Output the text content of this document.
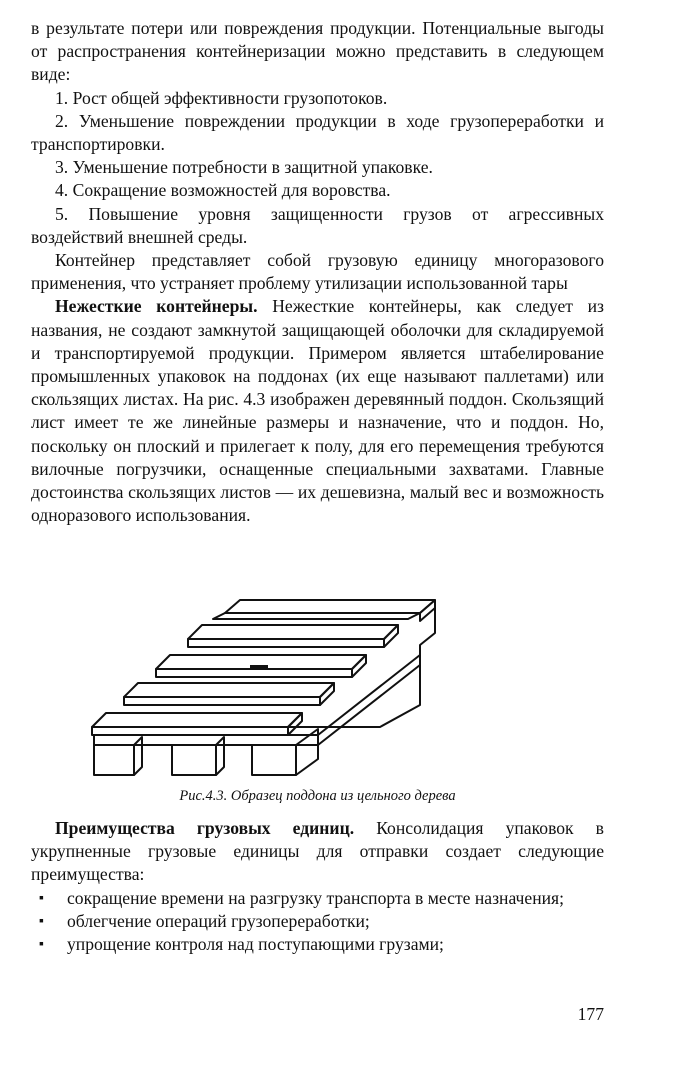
в результате потери или повреждения продукции. Потенциальные выгоды от распространения контейнеризации можно представить в следующем виде:

1. Рост общей эффективности грузопотоков.

2. Уменьшение повреждении продукции в ходе грузопереработки и транспортировки.

3. Уменьшение потребности в защитной упаковке.

4. Сокращение возможностей для воровства.

5. Повышение уровня защищенности грузов от агрессивных воздействий внешней среды.

Контейнер представляет собой грузовую единицу многоразового применения, что устраняет проблему утилизации использованной тары

Нежесткие контейнеры. Нежесткие контейнеры, как следует из названия, не создают замкнутой защищающей оболочки для складируемой и транспортируемой продукции. Примером является штабелирование промышленных упаковок на поддонах (их еще называют паллетами) или скользящих листах. На рис. 4.3 изображен деревянный поддон. Скользящий лист имеет те же линейные размеры и назначение, что и поддон. Но, поскольку он плоский и прилегает к полу, для его перемещения требуются вилочные погрузчики, оснащенные специальными захватами. Главные достоинства скользящих листов — их дешевизна, малый вес и возможность одноразового использования.

Рис.4.3. Образец поддона из цельного дерева

Преимущества грузовых единиц. Консолидация упаковок в укрупненные грузовые единицы для отправки создает следующие преимущества:

▪ сокращение времени на разгрузку транспорта в месте назначения;
▪ облегчение операций грузопереработки;
▪ упрощение контроля над поступающими грузами;
177
